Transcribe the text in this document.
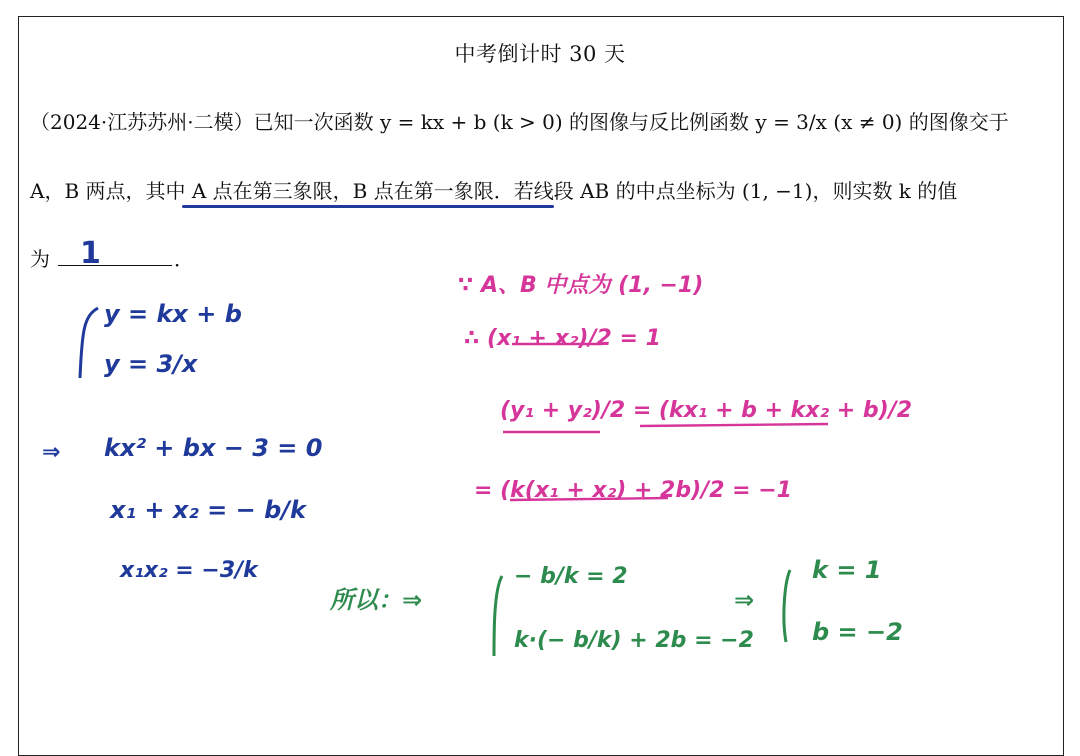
中考倒计时 30 天
（2024·江苏苏州·二模）已知一次函数 y = kx + b (k > 0) 的图像与反比例函数 y = 3/x (x ≠ 0) 的图像交于
A，B 两点，其中 A 点在第三象限，B 点在第一象限．若线段 AB 的中点坐标为 (1, −1)，则实数 k 的值
为 1	．
y = kx + b
y = 3/x
⇒ kx² + bx − 3 = 0
x₁ + x₂ = − b/k
x₁x₂ = −3/k
∵ A、B 中点为 (1, −1)
∴ (x₁ + x₂)/2 = 1
(y₁ + y₂)/2 = (kx₁ + b + kx₂ + b)/2
= (k(x₁ + x₂) + 2b)/2 = −1
所以：⇒
− b/k = 2
k·(− b/k) + 2b = −2
⇒
k = 1
b = −2
